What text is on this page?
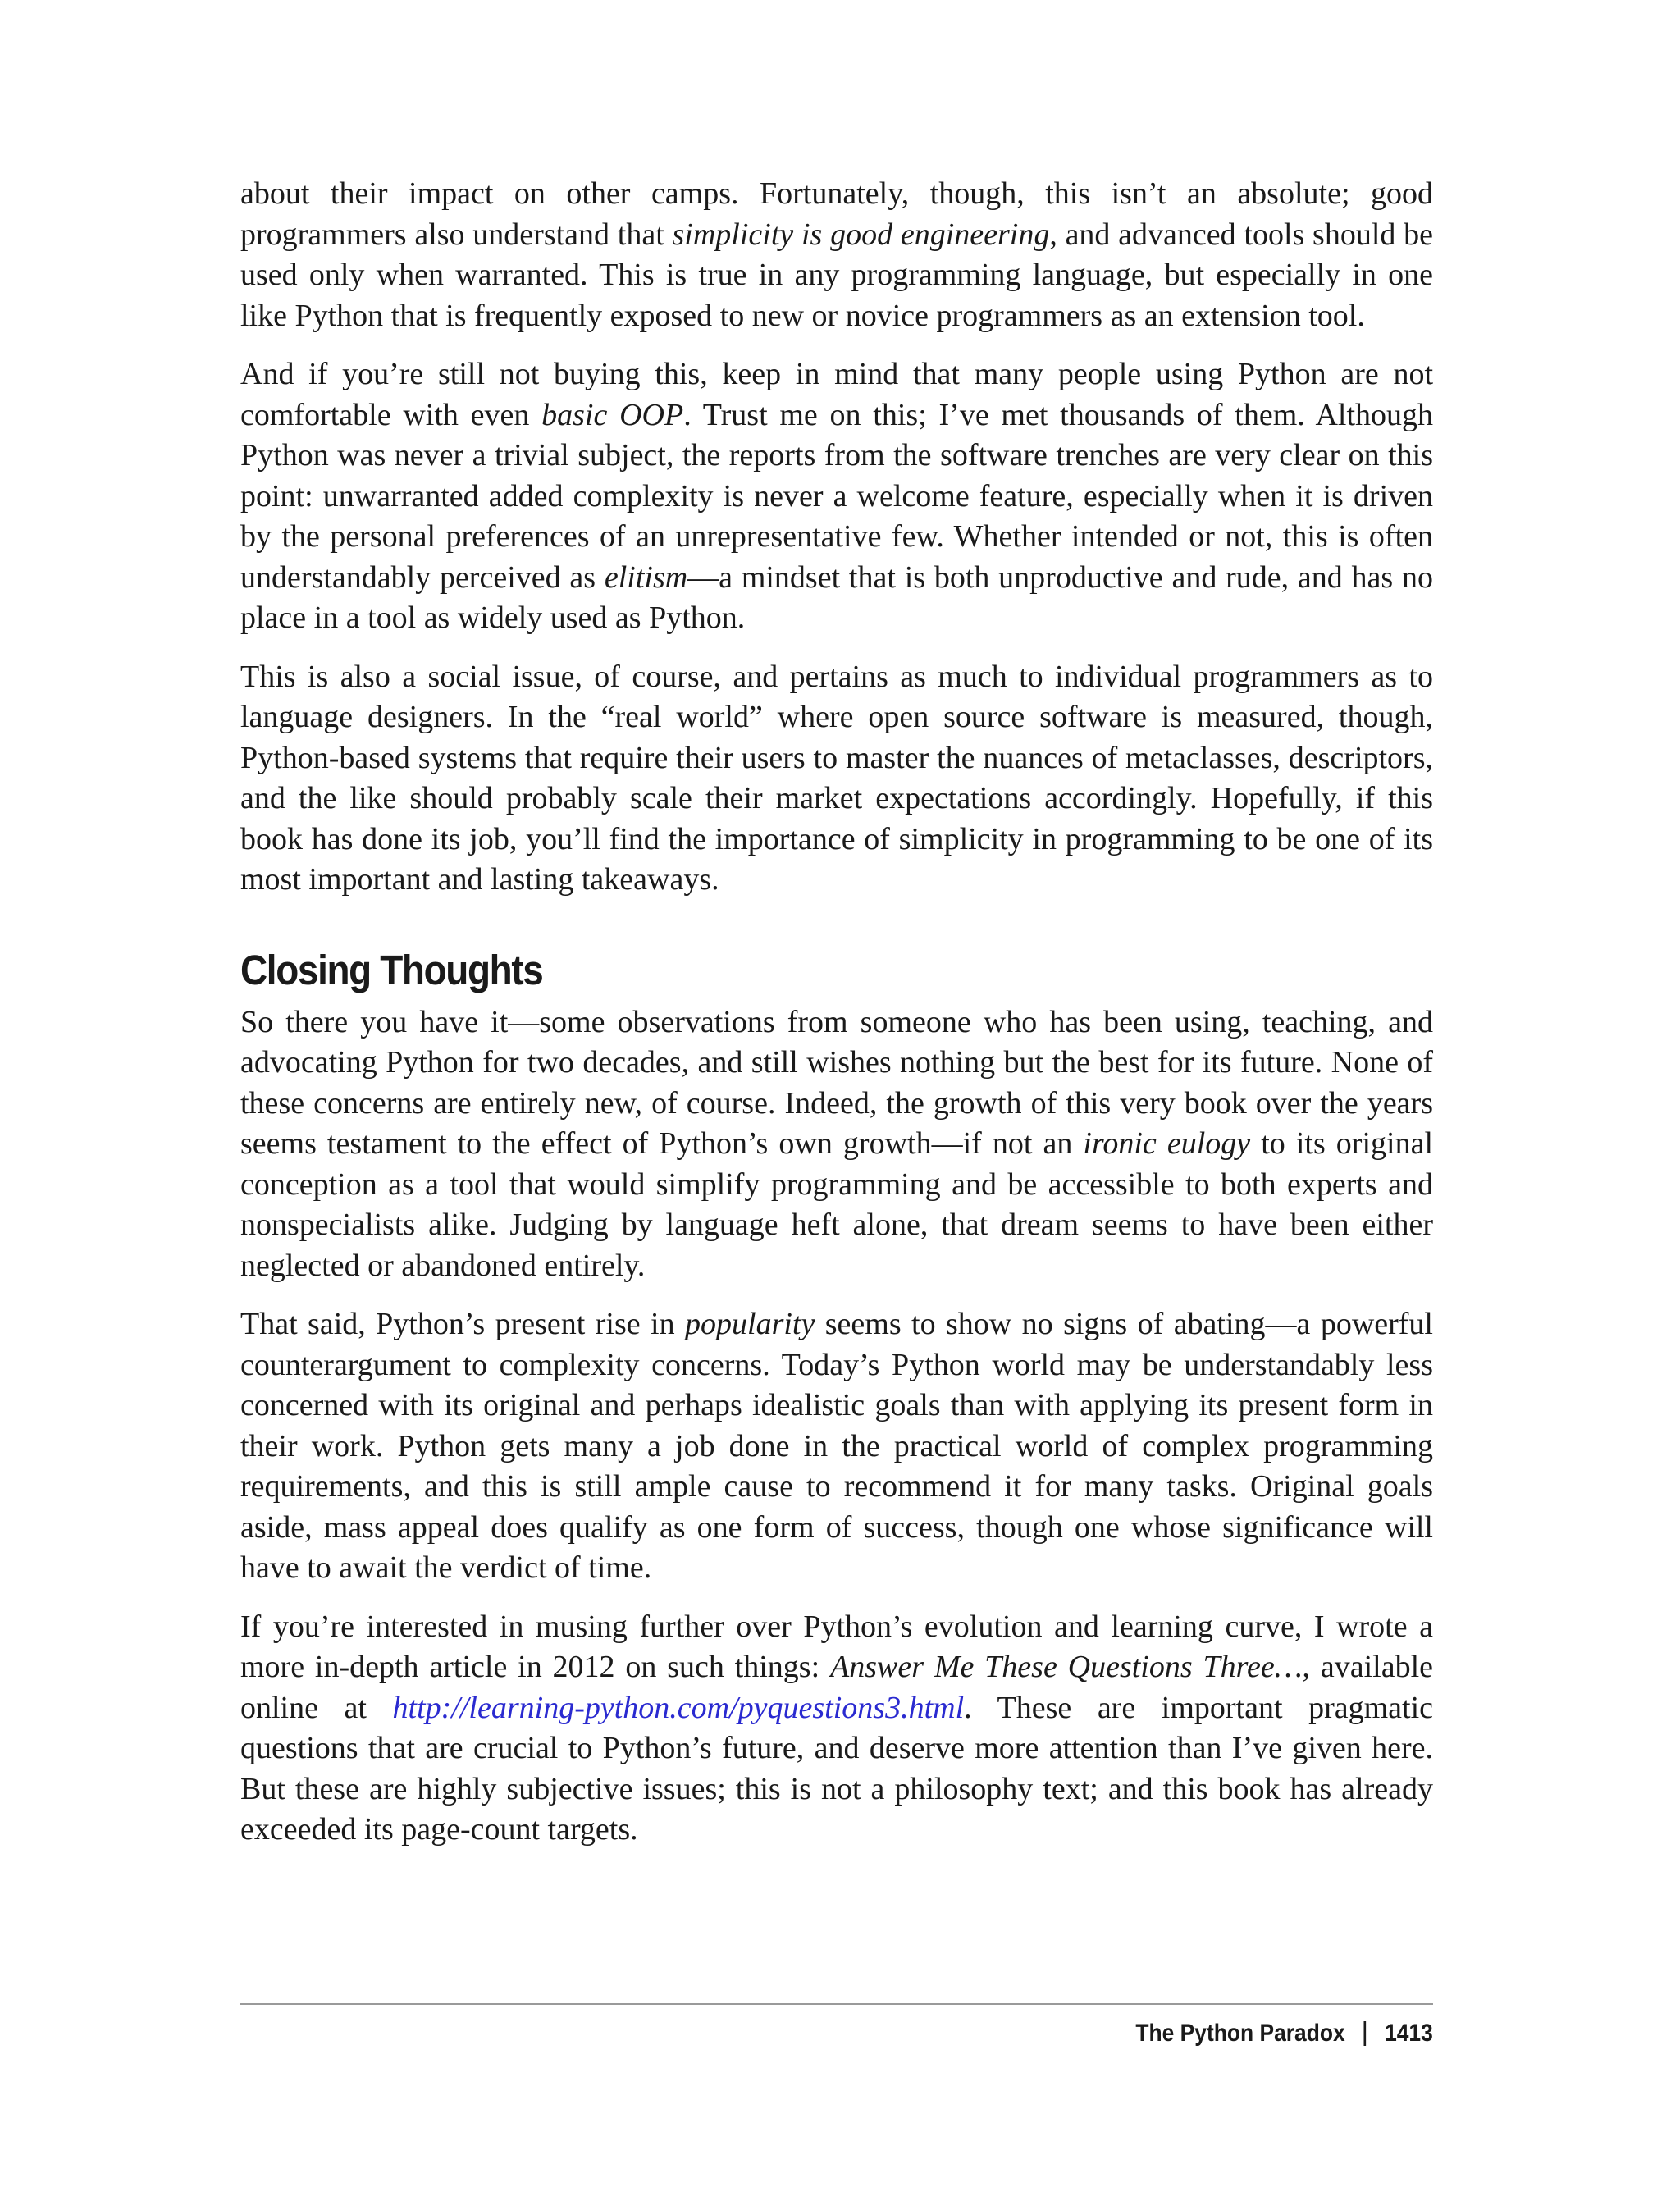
about their impact on other camps. Fortunately, though, this isn’t an absolute; good programmers also understand that simplicity is good engineering, and advanced tools should be used only when warranted. This is true in any programming language, but especially in one like Python that is frequently exposed to new or novice programmers as an extension tool.

And if you’re still not buying this, keep in mind that many people using Python are not comfortable with even basic OOP. Trust me on this; I’ve met thousands of them. Although Python was never a trivial subject, the reports from the software trenches are very clear on this point: unwarranted added complexity is never a welcome feature, especially when it is driven by the personal preferences of an unrepresentative few. Whether intended or not, this is often understandably perceived as elitism—a mindset that is both unproductive and rude, and has no place in a tool as widely used as Python.

This is also a social issue, of course, and pertains as much to individual programmers as to language designers. In the “real world” where open source software is measured, though, Python-based systems that require their users to master the nuances of metaclasses, descriptors, and the like should probably scale their market expectations accordingly. Hopefully, if this book has done its job, you’ll find the importance of simplicity in programming to be one of its most important and lasting takeaways.

Closing Thoughts

So there you have it—some observations from someone who has been using, teaching, and advocating Python for two decades, and still wishes nothing but the best for its future. None of these concerns are entirely new, of course. Indeed, the growth of this very book over the years seems testament to the effect of Python’s own growth—if not an ironic eulogy to its original conception as a tool that would simplify programming and be accessible to both experts and nonspecialists alike. Judging by language heft alone, that dream seems to have been either neglected or abandoned entirely.

That said, Python’s present rise in popularity seems to show no signs of abating—a powerful counterargument to complexity concerns. Today’s Python world may be understandably less concerned with its original and perhaps idealistic goals than with applying its present form in their work. Python gets many a job done in the practical world of complex programming requirements, and this is still ample cause to recommend it for many tasks. Original goals aside, mass appeal does qualify as one form of success, though one whose significance will have to await the verdict of time.

If you’re interested in musing further over Python’s evolution and learning curve, I wrote a more in-depth article in 2012 on such things: Answer Me These Questions Three…, available online at http://learning-python.com/pyquestions3.html. These are important pragmatic questions that are crucial to Python’s future, and deserve more attention than I’ve given here. But these are highly subjective issues; this is not a philosophy text; and this book has already exceeded its page-count targets.

The Python Paradox 1413
